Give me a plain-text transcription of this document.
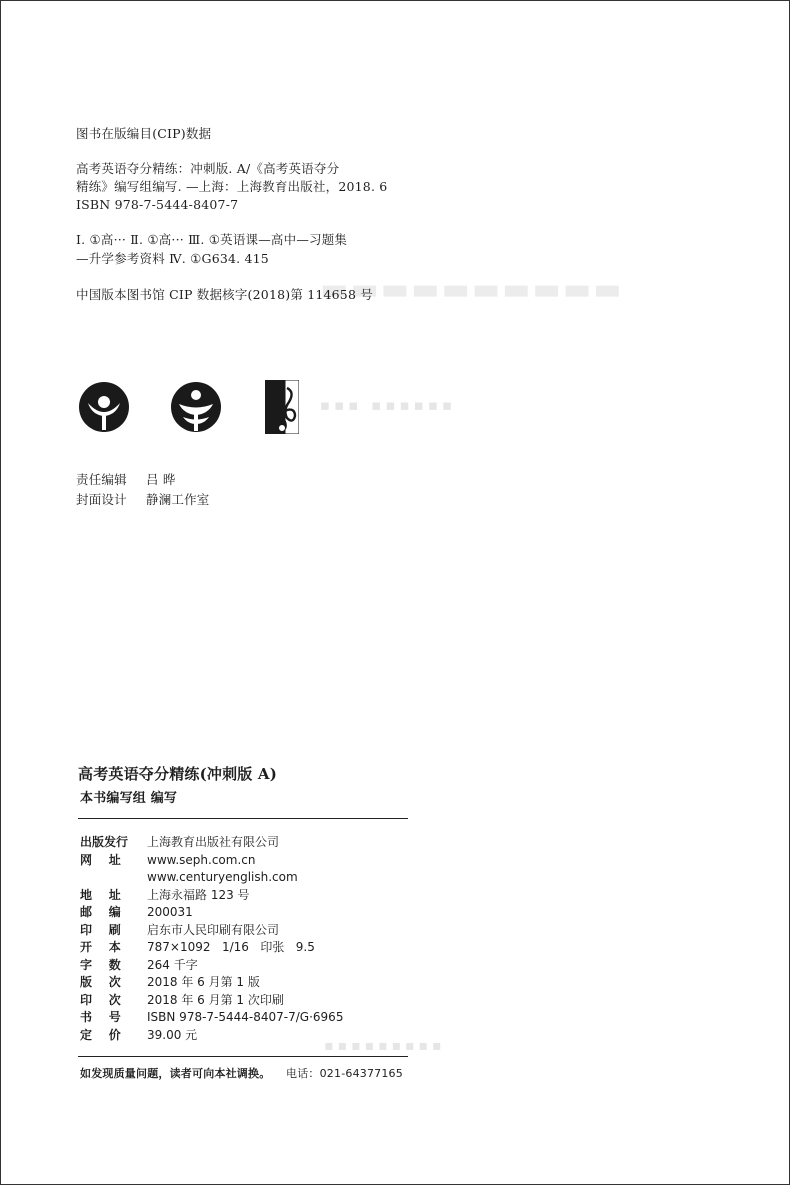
▬▬▬▬▬▬▬▬▬▬
▪▪▪▪▪▪ ▪▪▪
▪▪▪▪▪▪▪▪▪
图书在版编目(CIP)数据
高考英语夺分精练：冲刺版. A/《高考英语夺分
精练》编写组编写. —上海：上海教育出版社，2018. 6
ISBN 978-7-5444-8407-7
Ⅰ. ①高··· Ⅱ. ①高··· Ⅲ. ①英语课—高中—习题集
—升学参考资料 Ⅳ. ①G634. 415
中国版本图书馆 CIP 数据核字(2018)第 114658 号
责任编辑 吕 晔
封面设计 静澜工作室
高考英语夺分精练(冲刺版 A)
本书编写组 编写
出版发行 上海教育出版社有限公司
网    址 www.seph.com.cn
www.centuryenglish.com
地    址 上海永福路 123 号
邮    编 200031
印    刷 启东市人民印刷有限公司
开    本 787×1092   1/16   印张   9.5
字    数 264 千字
版    次 2018 年 6 月第 1 版
印    次 2018 年 6 月第 1 次印刷
书    号 ISBN 978-7-5444-8407-7/G·6965
定    价 39.00 元
如发现质量问题，读者可向本社调换。 电话：021-64377165
